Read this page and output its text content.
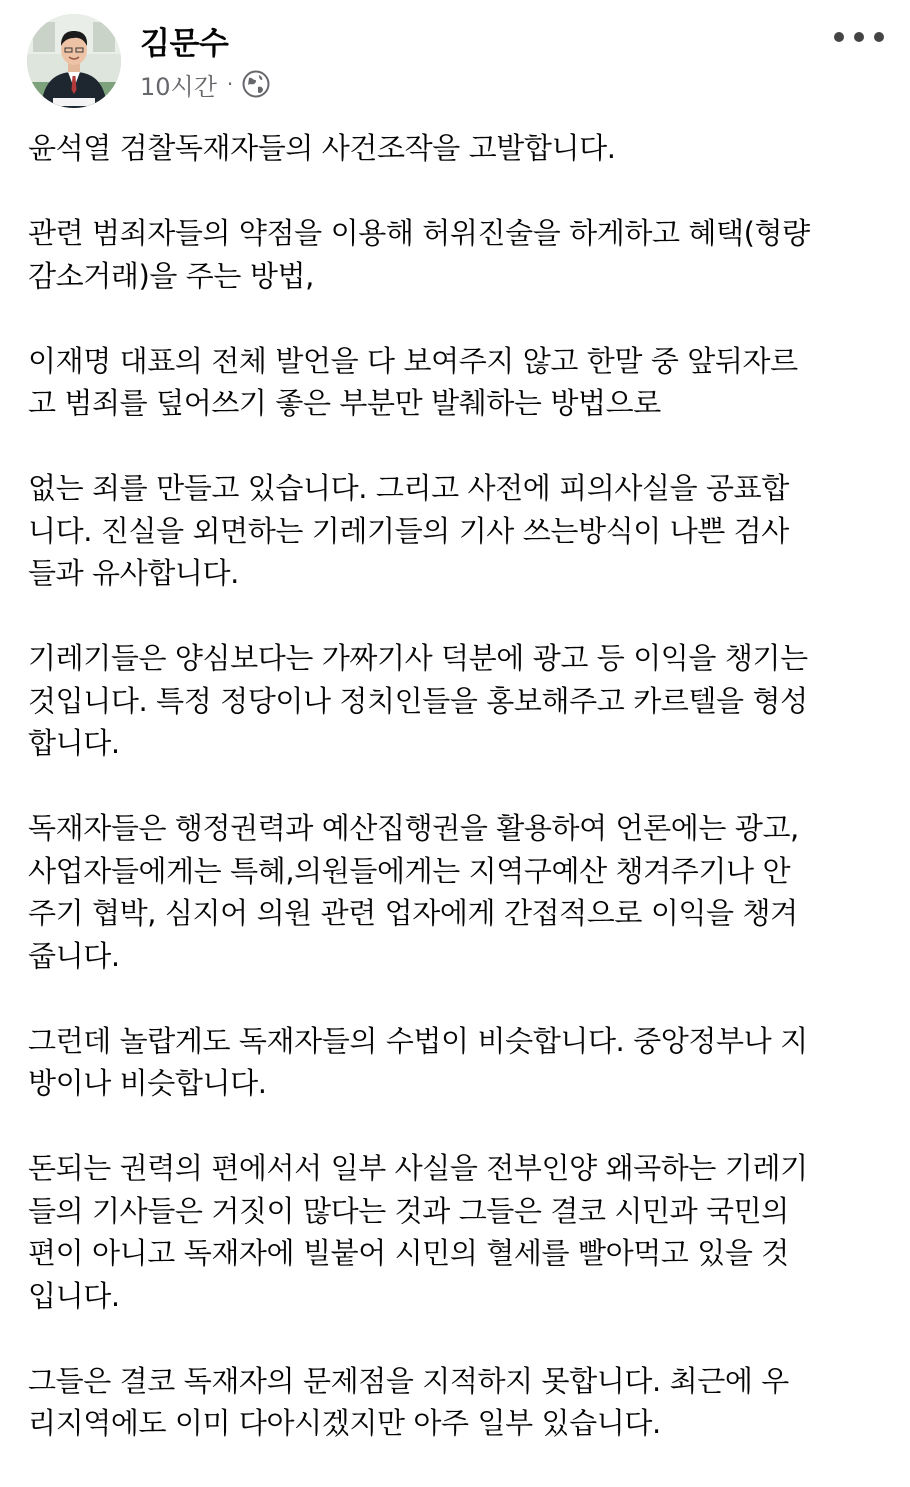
김문수
10시간 ·
윤석열 검찰독재자들의 사건조작을 고발합니다.
관련 범죄자들의 약점을 이용해 허위진술을 하게하고 혜택(형량
감소거래)을 주는 방법,
이재명 대표의 전체 발언을 다 보여주지 않고 한말 중 앞뒤자르
고 범죄를 덮어쓰기 좋은 부분만 발췌하는 방법으로
없는 죄를 만들고 있습니다. 그리고 사전에 피의사실을 공표합
니다. 진실을 외면하는 기레기들의 기사 쓰는방식이 나쁜 검사
들과 유사합니다.
기레기들은 양심보다는 가짜기사 덕분에 광고 등 이익을 챙기는
것입니다. 특정 정당이나 정치인들을 홍보해주고 카르텔을 형성
합니다.
독재자들은 행정권력과 예산집행권을 활용하여 언론에는 광고,
사업자들에게는 특혜,의원들에게는 지역구예산 챙겨주기나 안
주기 협박, 심지어 의원 관련 업자에게 간접적으로 이익을 챙겨
줍니다.
그런데 놀랍게도 독재자들의 수법이 비슷합니다. 중앙정부나 지
방이나 비슷합니다.
돈되는 권력의 편에서서 일부 사실을 전부인양 왜곡하는 기레기
들의 기사들은 거짓이 많다는 것과 그들은 결코 시민과 국민의
편이 아니고 독재자에 빌붙어 시민의 혈세를 빨아먹고 있을 것
입니다.
그들은 결코 독재자의 문제점을 지적하지 못합니다. 최근에 우
리지역에도 이미 다아시겠지만 아주 일부 있습니다.
